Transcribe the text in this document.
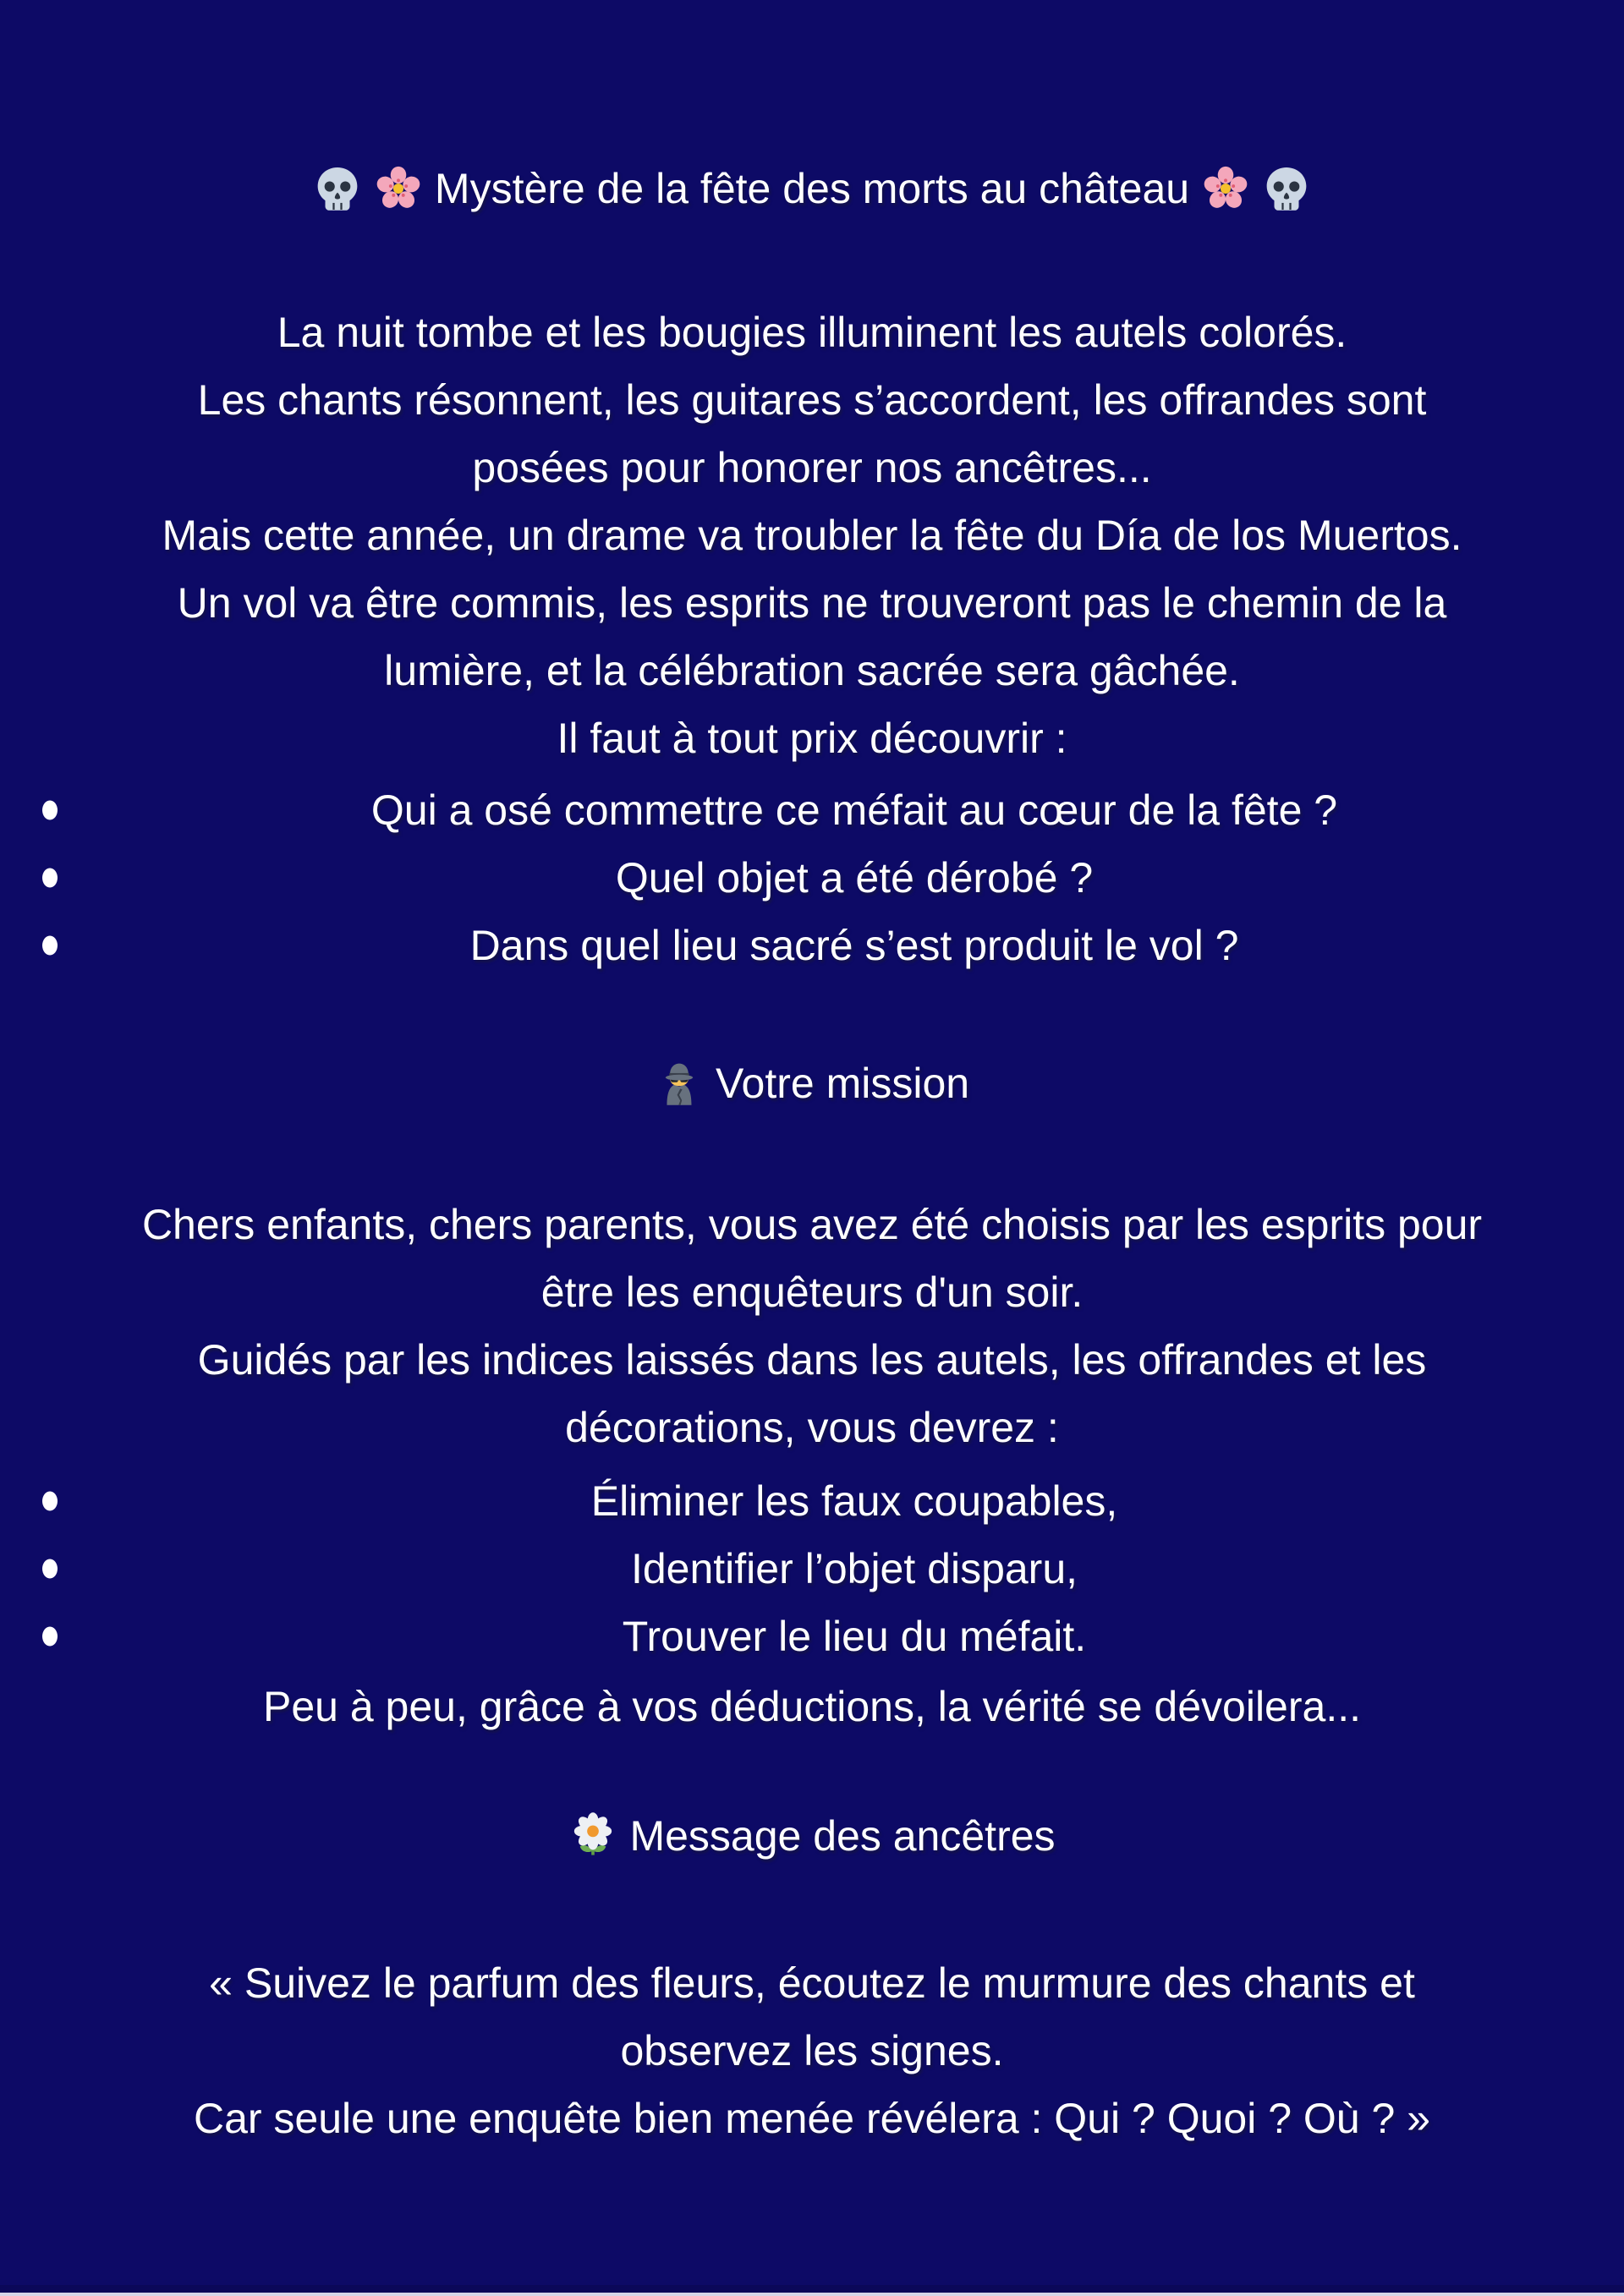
Mystère de la fête des morts au château
La nuit tombe et les bougies illuminent les autels colorés.
Les chants résonnent, les guitares s’accordent, les offrandes sont
posées pour honorer nos ancêtres...
Mais cette année, un drame va troubler la fête du Día de los Muertos.
Un vol va être commis, les esprits ne trouveront pas le chemin de la
lumière, et la célébration sacrée sera gâchée.
Il faut à tout prix découvrir :
Qui a osé commettre ce méfait au cœur de la fête ?
Quel objet a été dérobé ?
Dans quel lieu sacré s’est produit le vol ?
Votre mission
Chers enfants, chers parents, vous avez été choisis par les esprits pour
être les enquêteurs d'un soir.
Guidés par les indices laissés dans les autels, les offrandes et les
décorations, vous devrez :
Éliminer les faux coupables,
Identifier l’objet disparu,
Trouver le lieu du méfait.
Peu à peu, grâce à vos déductions, la vérité se dévoilera...
Message des ancêtres
« Suivez le parfum des fleurs, écoutez le murmure des chants et
observez les signes.
Car seule une enquête bien menée révélera : Qui ? Quoi ? Où ? »
